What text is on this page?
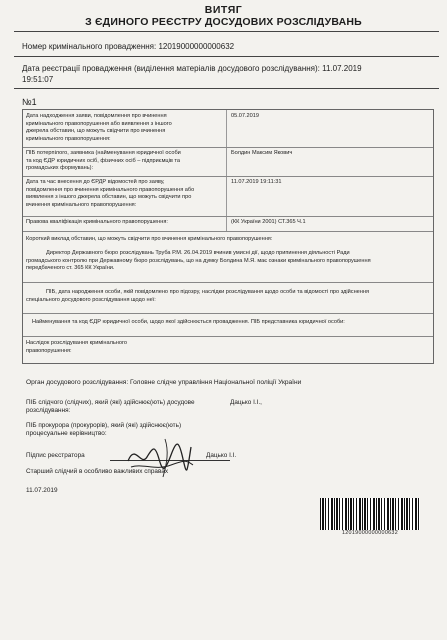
ВИТЯГ
З ЄДИНОГО РЕЄСТРУ ДОСУДОВИХ РОЗСЛІДУВАНЬ
Номер кримінального провадження: 12019000000000632
Дата реєстрації провадження (виділення матеріалів досудового розслідування): 11.07.2019
19:51:07
№1
Дата надходження заяви, повідомлення про вчинення
кримінального правопорушення або виявлення з іншого
джерела обставин, що можуть свідчити про вчинення
кримінального правопорушення:
05.07.2019
ПІБ потерпілого, заявника (найменування юридичної особи
та код ЄДР юридичних осіб, фізичних осіб – підприємців та
громадських формувань):
Болдин Максим Якович
Дата та час внесення до ЄРДР відомостей про заяву,
повідомлення про вчинення кримінального правопорушення або
виявлення з іншого джерела обставин, що можуть свідчити про
вчинення кримінального правопорушення:
11.07.2019 19:11:31
Правова кваліфікація кримінального правопорушення:	(КК України 2001) СТ.365 Ч.1
Короткий виклад обставин, що можуть свідчити про вчинення кримінального правопорушення:
Директор Державного бюро розслідувань Труба Р.М. 26.04.2019 вчинив умисні дії, щодо припинення діяльності Ради
громадського контролю при Державному бюро розслідувань, що на думку Болдина М.Я. має ознаки кримінального правопорушення
передбаченого ст. 365 КК України.
ПІБ, дата народження особи, якій повідомлено про підозру, наслідки розслідування щодо особи та відомості про здійснення
спеціального досудового розслідування щодо неї:
Найменування та код ЄДР юридичної особи, щодо якої здійснюється провадження. ПІБ представника юридичної особи:
Наслідок розслідування кримінального
правопорушення:
Орган досудового розслідування: Головне слідче управління Національної поліції України
ПІБ слідчого (слідчих), який (які) здійснює(ють) досудове
розслідування:
Дацько І.І.,
ПІБ прокурора (прокурорів), який (які) здійснює(ють)
процесуальне керівництво:
Підпис реєстратора	Дацько І.І.
Старший слідчий в особливо важливих справах
11.07.2019
12019000000000632
